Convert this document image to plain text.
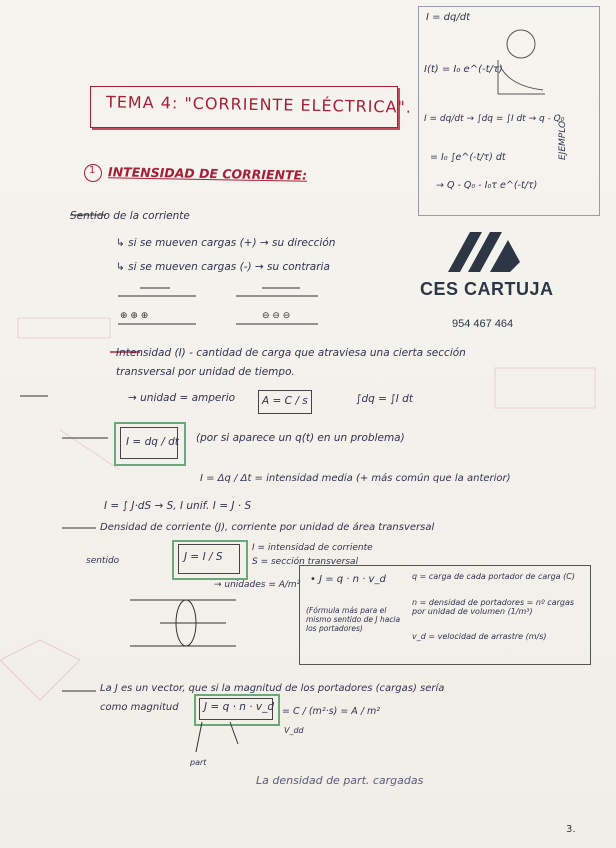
I = dq/dt
I(t) = I₀ e^(-t/τ)
I = dq/dt → ∫dq = ∫I dt → q - Q₀
= I₀ ∫e^(-t/τ) dt
→ Q - Q₀ - I₀τ e^(-t/τ)
EJEMPLO
TEMA 4: "CORRIENTE ELÉCTRICA".
1 INTENSIDAD DE CORRIENTE:
CES CARTUJA
954 467 464
Sentido de la corriente
↳ si se mueven cargas (+) → su dirección
↳ si se mueven cargas (-) → su contraria
⊕ ⊕ ⊕	⊖ ⊖ ⊖
Intensidad (I) - cantidad de carga que atraviesa una cierta sección
transversal por unidad de tiempo.
→ unidad = amperio	A = C / s	∫dq = ∫I dt
I = dq / dt (por si aparece un q(t) en un problema)
I = Δq / Δt = intensidad media (+ más común que la anterior)
I = ∫ J·dS → S, I unif. I = J · S
Densidad de corriente (J), corriente por unidad de área transversal
sentido	J = I / S
I = intensidad de corriente
S = sección transversal
→ unidades = A/m² • J = q · n · v_d	q = carga de cada portador de carga (C)
n = densidad de portadores = nº cargas por unidad de volumen (1/m³)
v_d = velocidad de arrastre (m/s)
(Fórmula más para el mismo sentido de J hacia los portadores)
La J es un vector, que si la magnitud de los portadores (cargas) sería
como magnitud J = q · n · v_d = C / (m²·s) = A / m²
part
V_dd
La densidad de part. cargadas
3.
